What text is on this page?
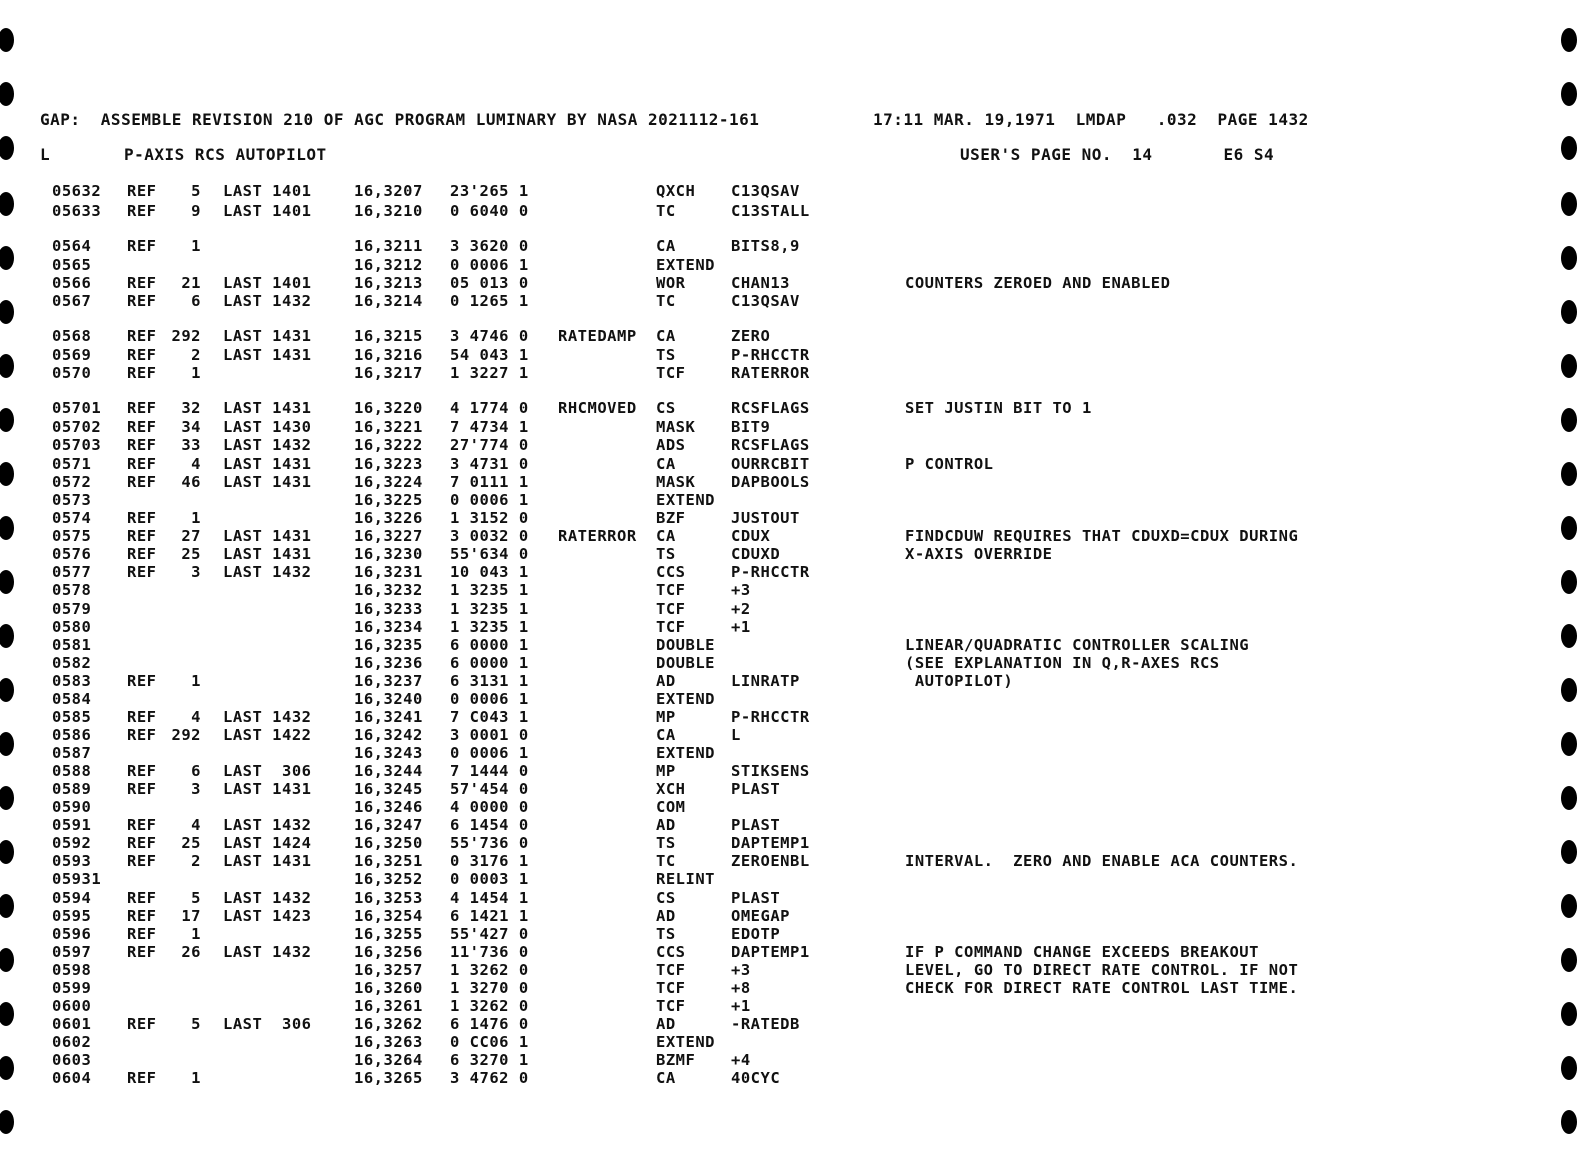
GAP:  ASSEMBLE REVISION 210 OF AGC PROGRAM LUMINARY BY NASA 2021112-161	17:11 MAR. 19,1971  LMDAP   .032  PAGE 1432
L	P-AXIS RCS AUTOPILOT	USER'S PAGE NO.  14       E6 S4
05632 REF 5 LAST 1401	16,3207 23'265 1	QXCH C13QSAV
05633 REF 9 LAST 1401	16,3210 0 6040 0	TC	C13STALL
0564 REF 1	16,3211 3 3620 0	CA	BITS8,9
0565	16,3212 0 0006 1	EXTEND
0566 REF 21 LAST 1401	16,3213 05 013 0	WOR	CHAN13	COUNTERS ZEROED AND ENABLED
0567 REF 6 LAST 1432	16,3214 0 1265 1	TC	C13QSAV
0568 REF 292 LAST 1431	16,3215 3 4746 0 RATEDAMP CA	ZERO
0569 REF 2 LAST 1431	16,3216 54 043 1	TS	P-RHCCTR
0570 REF 1	16,3217 1 3227 1	TCF	RATERROR
05701 REF 32 LAST 1431	16,3220 4 1774 0 RHCMOVED CS	RCSFLAGS	SET JUSTIN BIT TO 1
05702 REF 34 LAST 1430	16,3221 7 4734 1	MASK BIT9
05703 REF 33 LAST 1432	16,3222 27'774 0	ADS	RCSFLAGS
0571 REF 4 LAST 1431	16,3223 3 4731 0	CA	OURRCBIT	P CONTROL
0572 REF 46 LAST 1431	16,3224 7 0111 1	MASK DAPBOOLS
0573	16,3225 0 0006 1	EXTEND
0574 REF 1	16,3226 1 3152 0	BZF	JUSTOUT
0575 REF 27 LAST 1431	16,3227 3 0032 0 RATERROR CA	CDUX	FINDCDUW REQUIRES THAT CDUXD=CDUX DURING
0576 REF 25 LAST 1431	16,3230 55'634 0	TS	CDUXD	X-AXIS OVERRIDE
0577 REF 3 LAST 1432	16,3231 10 043 1	CCS	P-RHCCTR
0578	16,3232 1 3235 1	TCF	+3
0579	16,3233 1 3235 1	TCF	+2
0580	16,3234 1 3235 1	TCF	+1
0581	16,3235 6 0000 1	DOUBLE	LINEAR/QUADRATIC CONTROLLER SCALING
0582	16,3236 6 0000 1	DOUBLE	(SEE EXPLANATION IN Q,R-AXES RCS
0583 REF 1	16,3237 6 3131 1	AD	LINRATP	AUTOPILOT)
0584	16,3240 0 0006 1	EXTEND
0585 REF 4 LAST 1432	16,3241 7 C043 1	MP	P-RHCCTR
0586 REF 292 LAST 1422	16,3242 3 0001 0	CA	L
0587	16,3243 0 0006 1	EXTEND
0588 REF 6 LAST  306	16,3244 7 1444 0	MP	STIKSENS
0589 REF 3 LAST 1431	16,3245 57'454 0	XCH	PLAST
0590	16,3246 4 0000 0	COM
0591 REF 4 LAST 1432	16,3247 6 1454 0	AD	PLAST
0592 REF 25 LAST 1424	16,3250 55'736 0	TS	DAPTEMP1
0593 REF 2 LAST 1431	16,3251 0 3176 1	TC	ZEROENBL	INTERVAL.  ZERO AND ENABLE ACA COUNTERS.
05931	16,3252 0 0003 1	RELINT
0594 REF 5 LAST 1432	16,3253 4 1454 1	CS	PLAST
0595 REF 17 LAST 1423	16,3254 6 1421 1	AD	OMEGAP
0596 REF 1	16,3255 55'427 0	TS	EDOTP
0597 REF 26 LAST 1432	16,3256 11'736 0	CCS	DAPTEMP1	IF P COMMAND CHANGE EXCEEDS BREAKOUT
0598	16,3257 1 3262 0	TCF	+3	LEVEL, GO TO DIRECT RATE CONTROL. IF NOT
0599	16,3260 1 3270 0	TCF	+8	CHECK FOR DIRECT RATE CONTROL LAST TIME.
0600	16,3261 1 3262 0	TCF	+1
0601 REF 5 LAST  306	16,3262 6 1476 0	AD	-RATEDB
0602	16,3263 0 CC06 1	EXTEND
0603	16,3264 6 3270 1	BZMF +4
0604 REF 1	16,3265 3 4762 0	CA	40CYC
